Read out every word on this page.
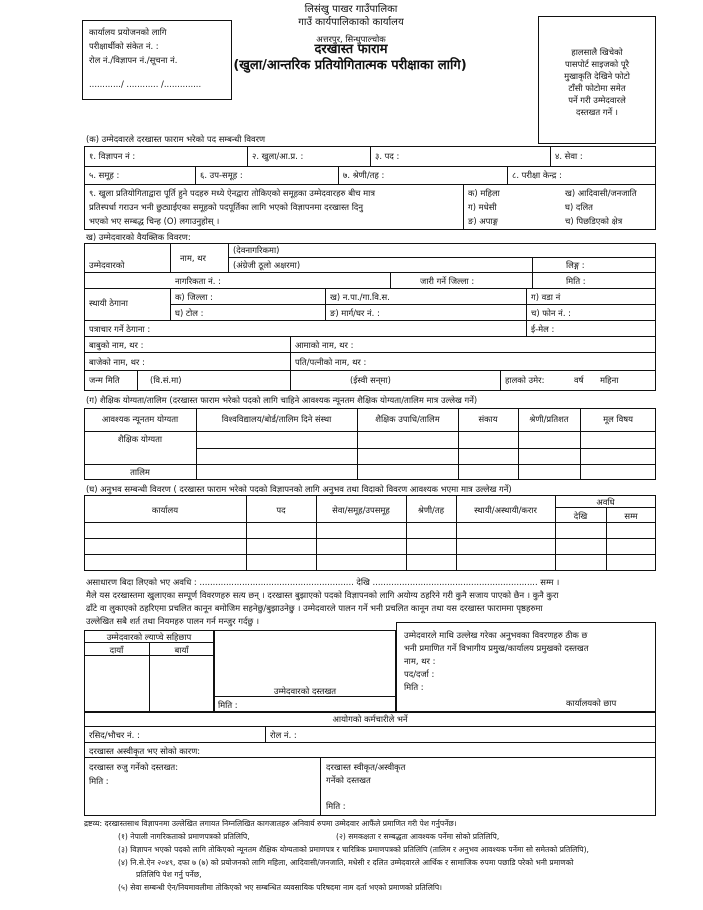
लिसंखु पाखर गाउँपालिका
गाउँ कार्यपालिकाको कार्यालय
अत्तरपुर, सिन्धुपाल्चोक
दरखास्त फाराम
(खुला/आन्तरिक प्रतियोगितात्मक परीक्षाका लागि)
कार्यालय प्रयोजनको लागि
परीक्षार्थीको संकेत नं. :
रोल नं./विज्ञापन नं./सूचना नं.
............/ ............ /..............
हालसालै खिचेको
पासपोर्ट साइजको पूरै
मुखाकृति देखिने फोटो
टाँसी फोटोमा समेत
पर्ने गरी उम्मेदवारले
दस्तखत गर्ने ।
(क) उम्मेदवारले दरखास्त फाराम भरेको पद सम्बन्धी विवरण
१. विज्ञापन नं :	२. खुला/आ.प्र. :	३. पद :	४. सेवा :
५. समूह :	६. उप-समूह :	७. श्रेणी/तह :	८. परीक्षा केन्द्र :
९. खुला प्रतियोगिताद्वारा पूर्ति हुने पदहरु मध्ये ऐनद्वारा तोकिएको समूहका उम्मेदवारहरु बीच मात्र
प्रतिस्पर्धा गराउन भनी छुट्याईएका समूहको पदपूर्तिका लागि भएको विज्ञापनमा दरखास्त दिनु
भएको भए सम्बद्ध चिन्ह (O) लगाउनुहोस् ।
क) महिला	ख) आदिवासी/जनजाति
ग) मधेसी	घ) दलित
ङ) अपाङ्ग	च) पिछडिएको क्षेत्र
ख) उम्मेदवारको वैयक्तिक विवरण:
उम्मेदवारको
नाम, थर
(देवनागरिकमा)
(अंग्रेजी ठूलो अक्षरमा)	लिङ्ग :
नागरिकता नं. :	जारी गर्ने जिल्ला :	मिति :
स्थायी ठेगाना
क) जिल्ला :	ख) न.पा./गा.वि.स.	ग) वडा नं
घ) टोल :	ङ) मार्ग/घर नं. :	च) फोन नं. :
पत्राचार गर्ने ठेगाना :	ई-मेल :
बाबुको नाम, थर :	आमाको नाम, थर :
बाजेको नाम, थर :	पति/पत्नीको नाम, थर :
जन्म मिति	(वि.सं.मा)	(ईस्वी सन्‌मा)	हालको उमेर:	वर्ष महिना
(ग) शैक्षिक योग्यता/तालिम (दरखास्त फाराम भरेको पदको लागि चाहिने आवश्यक न्यूनतम शैक्षिक योग्यता/तालिम मात्र उल्लेख गर्ने)
आवश्यक न्यूनतम योग्यता	विश्वविद्यालय/बोर्ड/तालिम दिने संस्था	शैक्षिक उपाधि/तालिम	संकाय	श्रेणी/प्रतिशत	मूल विषय
शैक्षिक योग्यता
तालिम
(घ) अनुभव सम्बन्धी विवरण ( दरखास्त फाराम भरेको पदको विज्ञापनको लागि अनुभव तथा विदाको विवरण आवश्यक भएमा मात्र उल्लेख गर्ने)
कार्यालय	पद	सेवा/समूह/उपसमूह	श्रेणी/तह	स्थायी/अस्थायी/करार
अवधि
देखि	सम्म
असाधारण बिदा लिएको भए अवधि : .......................................................... देखि .............................................................. सम्म ।
मैले यस दरखास्तमा खुलाएका सम्पूर्ण विवरणहरु सत्य छन् । दरखास्त बुझाएको पदको विज्ञापनको लागि अयोग्य ठहरिने गरी कुनै सजाय पाएको छैन । कुनै कुरा
ढाँटे वा लुकाएको ठहरिएमा प्रचलित कानून बमोजिम सहनेछु/बुझाउनेछु । उम्मेदवारले पालन गर्ने भनी प्रचलित कानून तथा यस दरखास्त फाराममा पृष्ठहरुमा
उल्लेखित सबै शर्त तथा नियमहरु पालन गर्न मन्जुर गर्दछु ।
उम्मेदवारको ल्याप्चे सहिछाप
दायाँ	बायाँ
उम्मेदवारको दस्तखत
मिति :
उम्मेदवारले माथि उल्लेख गरेका अनुभवका विवरणहरु ठीक छ
भनी प्रमाणित गर्ने विभागीय प्रमुख/कार्यालय प्रमुखको दस्तखत
नाम, थर :
पद/दर्जा :
मिति :
कार्यालयको छाप
आयोगको कर्मचारीले भर्ने
रसिद/भौचर नं. :	रोल नं. :
दरखास्त अस्वीकृत भए सोको कारण:
दरखास्त रुजु गर्नेको दस्तखत:
मिति :
दरखास्त स्वीकृत/अस्वीकृत
गर्नेको दस्तखत
मिति :
द्रष्टव्य: दरखास्तसाथ विज्ञापनमा उल्लेखित लगायत निम्नलिखित कागजातहरु अनिवार्य रुपमा उम्मेदवार आफैंले प्रमाणित गरी पेश गर्नुपर्नेछ।
(१) नेपाली नागरिकताको प्रमाणपत्रको प्रतिलिपि,	(२) समकक्षता र सम्बद्धता आवश्यक पर्नेमा सोको प्रतिलिपि,
(३) विज्ञापन भएको पदको लागि तोकिएको न्यूनतम शैक्षिक योग्यताको प्रमाणपत्र र चारित्रिक प्रमाणपत्रको प्रतिलिपि (तालिम र अनुभव आवश्यक पर्नेमा सो समेतको प्रतिलिपि),
(४) नि.से.ऐन २०४९, दफा ७ (७) को प्रयोजनको लागि महिला, आदिवासी/जनजाति, मधेसी र दलित उम्मेदवारले आर्थिक र सामाजिक रुपमा पछाडि परेको भनी प्रमाणको
प्रतिलिपि पेश गर्नु पर्नेछ,
(५) सेवा सम्बन्धी ऐन/नियमावलीमा तोकिएको भए सम्बन्धित व्यवसायिक परिषदमा नाम दर्ता भएको प्रमाणको प्रतिलिपि।
